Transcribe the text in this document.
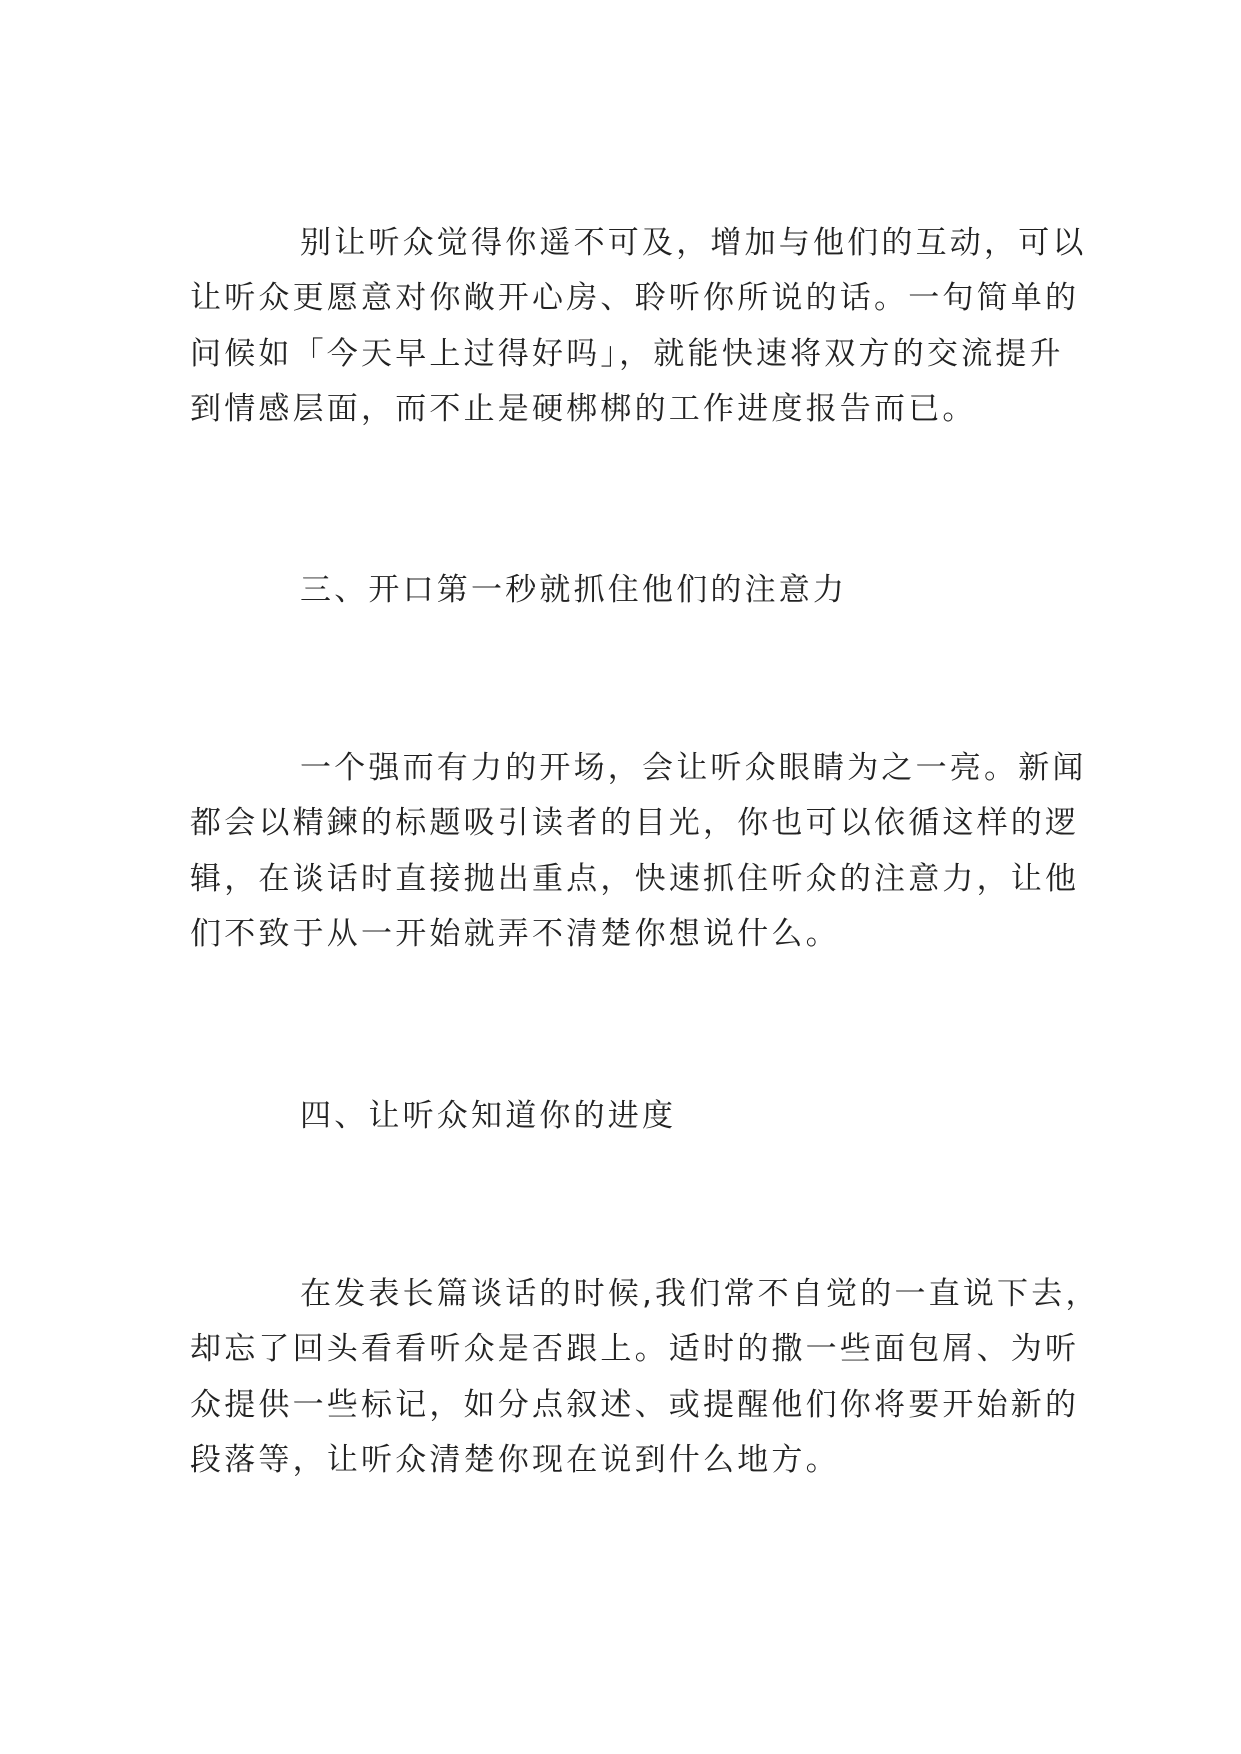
别让听众觉得你遥不可及，增加与他们的互动，可以
让听众更愿意对你敞开心房、聆听你所说的话。一句简单的
问候如「今天早上过得好吗」，就能快速将双方的交流提升
到情感层面，而不止是硬梆梆的工作进度报告而已。
三、开口第一秒就抓住他们的注意力
一个强而有力的开场，会让听众眼睛为之一亮。新闻
都会以精鍊的标题吸引读者的目光，你也可以依循这样的逻
辑，在谈话时直接抛出重点，快速抓住听众的注意力，让他
们不致于从一开始就弄不清楚你想说什么。
四、让听众知道你的进度
在发表长篇谈话的时候,我们常不自觉的一直说下去，
却忘了回头看看听众是否跟上。适时的撒一些面包屑、为听
众提供一些标记，如分点叙述、或提醒他们你将要开始新的
段落等，让听众清楚你现在说到什么地方。
